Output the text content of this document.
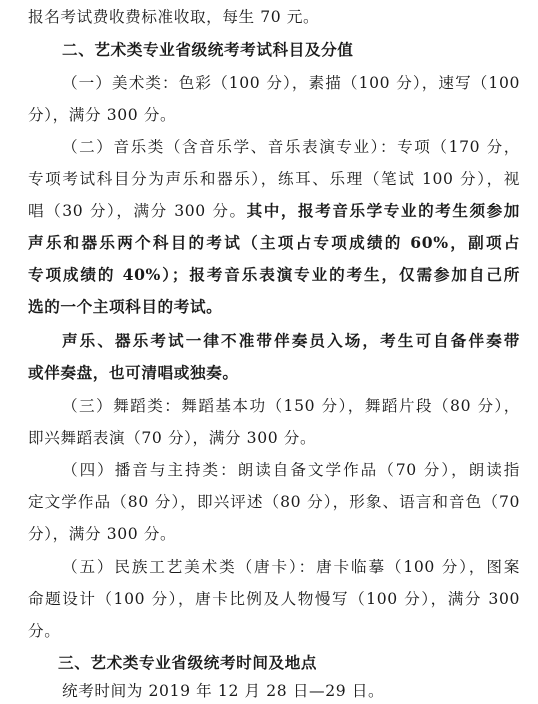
报名考试费收费标准收取，每生 70 元。
二、艺术类专业省级统考考试科目及分值
（一）美术类：色彩（100 分），素描（100 分），速写（100
分），满分 300 分。
（二）音乐类（含音乐学、音乐表演专业）：专项（170 分，
专项考试科目分为声乐和器乐），练耳、乐理（笔试 100 分），视
唱（30 分），满分 300 分。其中，报考音乐学专业的考生须参加
声乐和器乐两个科目的考试（主项占专项成绩的 60%，副项占
专项成绩的 40%）；报考音乐表演专业的考生，仅需参加自己所
选的一个主项科目的考试。
声乐、器乐考试一律不准带伴奏员入场，考生可自备伴奏带
或伴奏盘，也可清唱或独奏。
（三）舞蹈类：舞蹈基本功（150 分），舞蹈片段（80 分），
即兴舞蹈表演（70 分），满分 300 分。
（四）播音与主持类：朗读自备文学作品（70 分），朗读指
定文学作品（80 分），即兴评述（80 分），形象、语言和音色（70
分），满分 300 分。
（五）民族工艺美术类（唐卡）：唐卡临摹（100 分），图案
命题设计（100 分），唐卡比例及人物慢写（100 分），满分 300
分。
三、艺术类专业省级统考时间及地点
统考时间为 2019 年 12 月 28 日—29 日。
